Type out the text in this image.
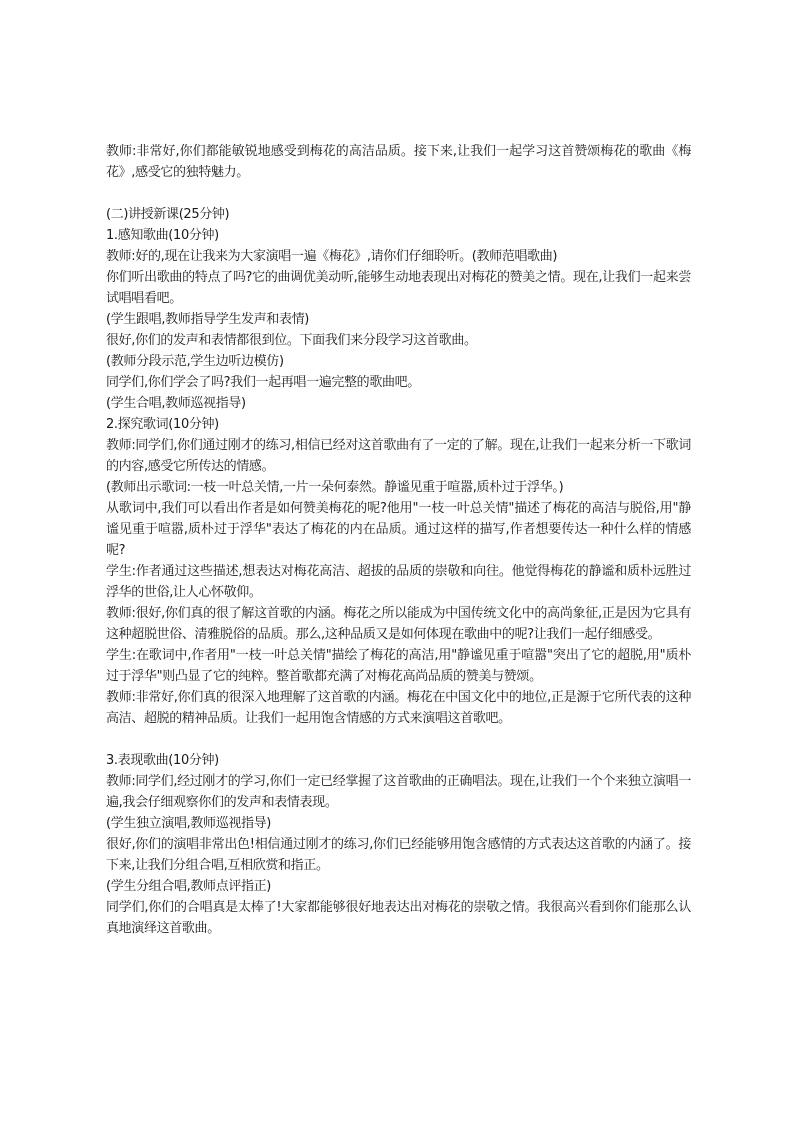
教师:非常好,你们都能敏锐地感受到梅花的高洁品质。接下来,让我们一起学习这首赞颂梅花的歌曲《梅花》,感受它的独特魅力。

(二)讲授新课(25分钟)

1.感知歌曲(10分钟)

教师:好的,现在让我来为大家演唱一遍《梅花》,请你们仔细聆听。(教师范唱歌曲)

你们听出歌曲的特点了吗?它的曲调优美动听,能够生动地表现出对梅花的赞美之情。现在,让我们一起来尝试唱唱看吧。

(学生跟唱,教师指导学生发声和表情)

很好,你们的发声和表情都很到位。下面我们来分段学习这首歌曲。

(教师分段示范,学生边听边模仿)

同学们,你们学会了吗?我们一起再唱一遍完整的歌曲吧。

(学生合唱,教师巡视指导)

2.探究歌词(10分钟)

教师:同学们,你们通过刚才的练习,相信已经对这首歌曲有了一定的了解。现在,让我们一起来分析一下歌词的内容,感受它所传达的情感。

(教师出示歌词:一枝一叶总关情,一片一朵何泰然。静谧见重于喧嚣,质朴过于浮华。)

从歌词中,我们可以看出作者是如何赞美梅花的呢?他用"一枝一叶总关情"描述了梅花的高洁与脱俗,用"静谧见重于喧嚣,质朴过于浮华"表达了梅花的内在品质。通过这样的描写,作者想要传达一种什么样的情感呢?

学生:作者通过这些描述,想表达对梅花高洁、超拔的品质的崇敬和向往。他觉得梅花的静谧和质朴远胜过浮华的世俗,让人心怀敬仰。

教师:很好,你们真的很了解这首歌的内涵。梅花之所以能成为中国传统文化中的高尚象征,正是因为它具有这种超脱世俗、清雅脱俗的品质。那么,这种品质又是如何体现在歌曲中的呢?让我们一起仔细感受。

学生:在歌词中,作者用"一枝一叶总关情"描绘了梅花的高洁,用"静谧见重于喧嚣"突出了它的超脱,用"质朴过于浮华"则凸显了它的纯粹。整首歌都充满了对梅花高尚品质的赞美与赞颂。

教师:非常好,你们真的很深入地理解了这首歌的内涵。梅花在中国文化中的地位,正是源于它所代表的这种高洁、超脱的精神品质。让我们一起用饱含情感的方式来演唱这首歌吧。

3.表现歌曲(10分钟)

教师:同学们,经过刚才的学习,你们一定已经掌握了这首歌曲的正确唱法。现在,让我们一个个来独立演唱一遍,我会仔细观察你们的发声和表情表现。

(学生独立演唱,教师巡视指导)

很好,你们的演唱非常出色!相信通过刚才的练习,你们已经能够用饱含感情的方式表达这首歌的内涵了。接下来,让我们分组合唱,互相欣赏和指正。

(学生分组合唱,教师点评指正)

同学们,你们的合唱真是太棒了!大家都能够很好地表达出对梅花的崇敬之情。我很高兴看到你们能那么认真地演绎这首歌曲。
